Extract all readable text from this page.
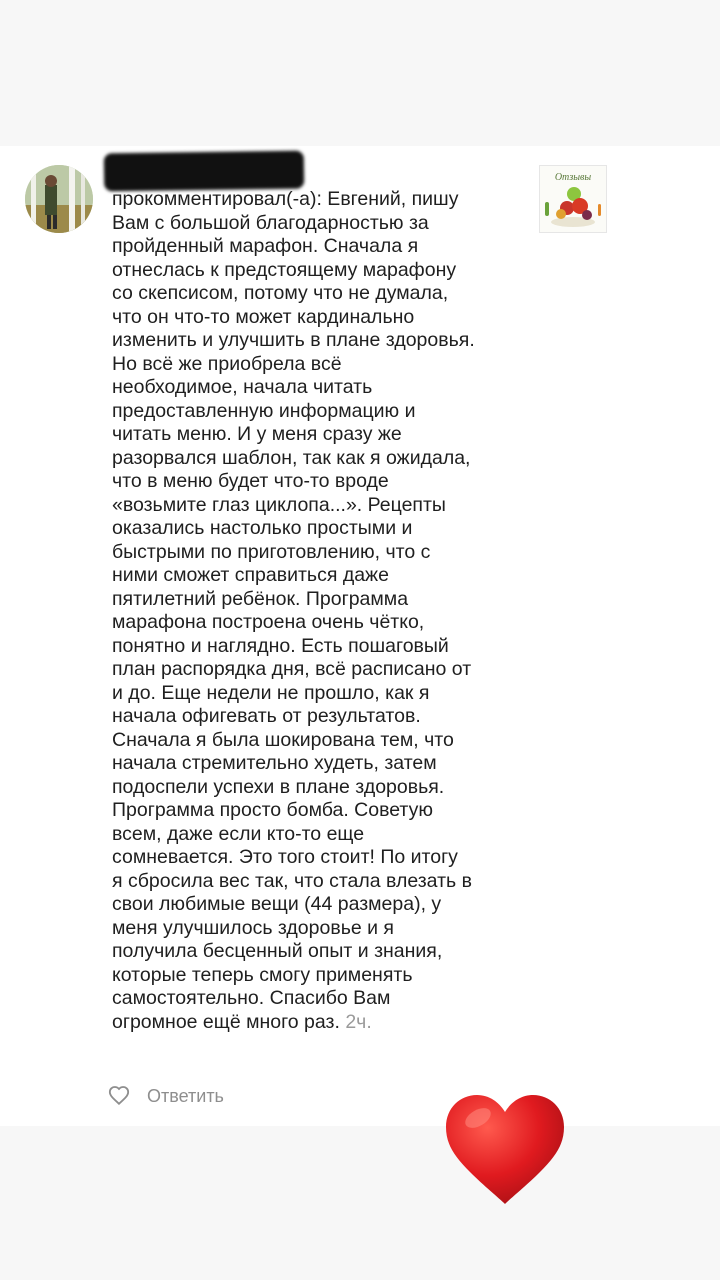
прокомментировал(-а): Евгений, пишу
Вам с большой благодарностью за
пройденный марафон. Сначала я
отнеслась к предстоящему марафону
со скепсисом, потому что не думала,
что он что-то может кардинально
изменить и улучшить в плане здоровья.
Но всё же приобрела всё
необходимое, начала читать
предоставленную информацию и
читать меню. И у меня сразу же
разорвался шаблон, так как я ожидала,
что в меню будет что-то вроде
«возьмите глаз циклопа...». Рецепты
оказались настолько простыми и
быстрыми по приготовлению, что с
ними сможет справиться даже
пятилетний ребёнок. Программа
марафона построена очень чётко,
понятно и наглядно. Есть пошаговый
план распорядка дня, всё расписано от
и до. Еще недели не прошло, как я
начала офигевать от результатов.
Сначала я была шокирована тем, что
начала стремительно худеть, затем
подоспели успехи в плане здоровья.
Программа просто бомба. Советую
всем, даже если кто-то еще
сомневается. Это того стоит! По итогу
я сбросила вес так, что стала влезать в
свои любимые вещи (44 размера), у
меня улучшилось здоровье и я
получила бесценный опыт и знания,
которые теперь смогу применять
самостоятельно. Спасибо Вам
огромное ещё много раз. 2ч.
Отзывы
Ответить
